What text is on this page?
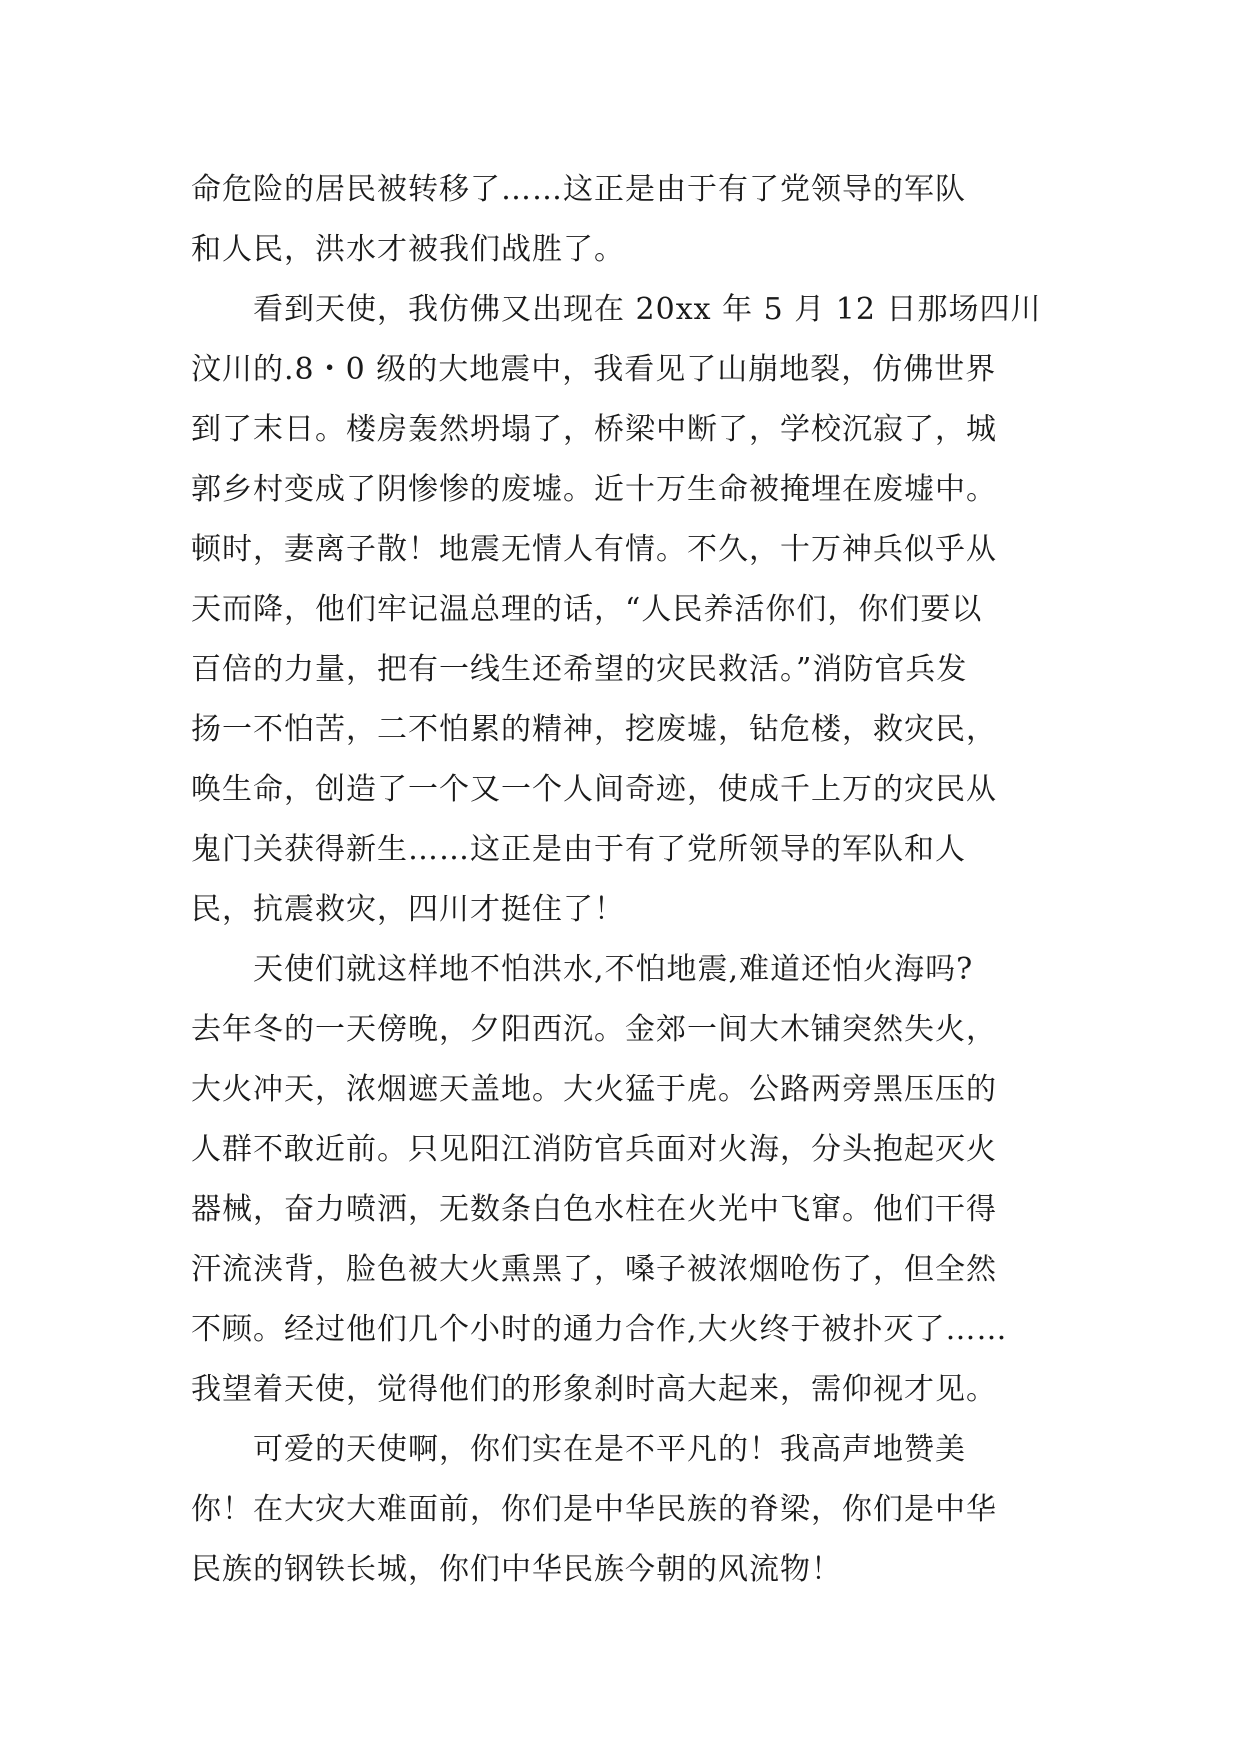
命危险的居民被转移了……这正是由于有了党领导的军队
和人民，洪水才被我们战胜了。
　　看到天使，我仿佛又出现在 20xx 年 5 月 12 日那场四川
汶川的.8・0 级的大地震中，我看见了山崩地裂，仿佛世界
到了末日。楼房轰然坍塌了，桥梁中断了，学校沉寂了，城
郭乡村变成了阴惨惨的废墟。近十万生命被掩埋在废墟中。
顿时，妻离子散！地震无情人有情。不久，十万神兵似乎从
天而降，他们牢记温总理的话，“人民养活你们，你们要以
百倍的力量，把有一线生还希望的灾民救活。”消防官兵发
扬一不怕苦，二不怕累的精神，挖废墟，钻危楼，救灾民，
唤生命，创造了一个又一个人间奇迹，使成千上万的灾民从
鬼门关获得新生……这正是由于有了党所领导的军队和人
民，抗震救灾，四川才挺住了！
　　天使们就这样地不怕洪水,不怕地震,难道还怕火海吗?
去年冬的一天傍晚，夕阳西沉。金郊一间大木铺突然失火，
大火冲天，浓烟遮天盖地。大火猛于虎。公路两旁黑压压的
人群不敢近前。只见阳江消防官兵面对火海，分头抱起灭火
器械，奋力喷洒，无数条白色水柱在火光中飞窜。他们干得
汗流浃背，脸色被大火熏黑了，嗓子被浓烟呛伤了，但全然
不顾。经过他们几个小时的通力合作,大火终于被扑灭了……
我望着天使，觉得他们的形象刹时高大起来，需仰视才见。
　　可爱的天使啊，你们实在是不平凡的！我高声地赞美
你！在大灾大难面前，你们是中华民族的脊梁，你们是中华
民族的钢铁长城，你们中华民族今朝的风流物！
